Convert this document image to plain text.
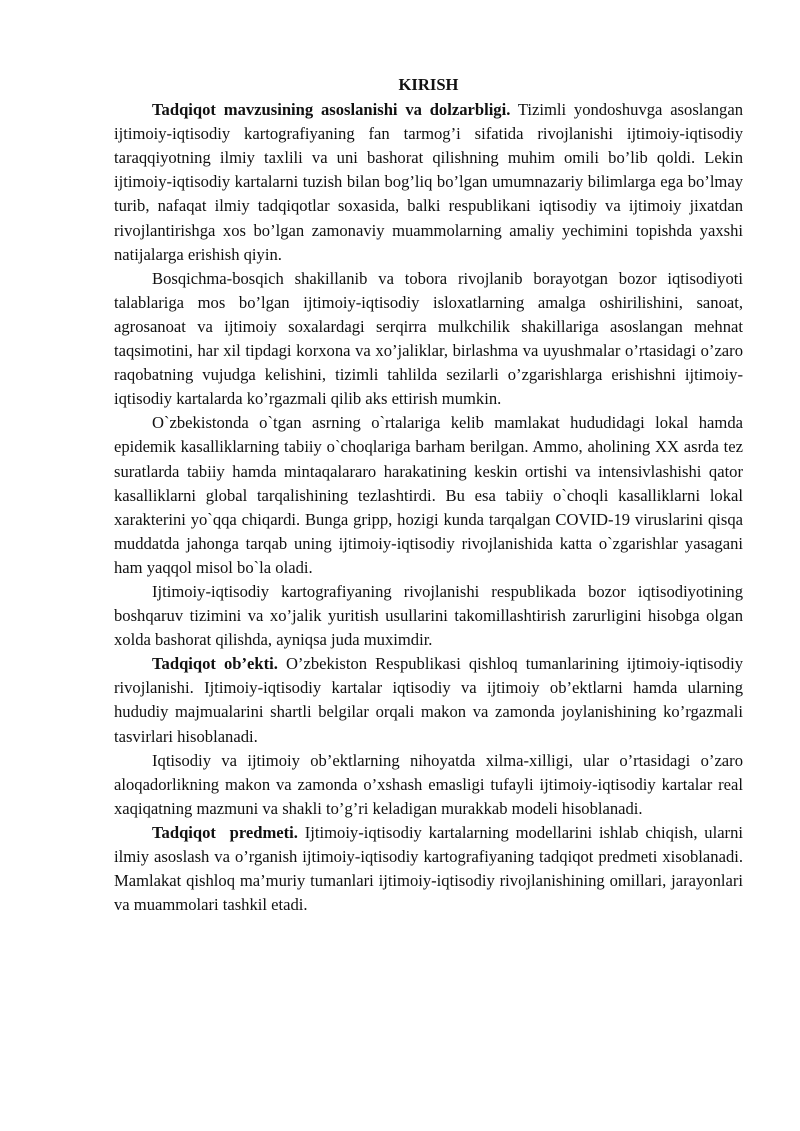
KIRISH

Tadqiqot mavzusining asoslanishi va dolzarbligi. Tizimli yondoshuvga asoslangan ijtimoiy-iqtisodiy kartografiyaning fan tarmog’i sifatida rivojlanishi ijtimoiy-iqtisodiy taraqqiyotning ilmiy taxlili va uni bashorat qilishning muhim omili bo’lib qoldi. Lekin ijtimoiy-iqtisodiy kartalarni tuzish bilan bog’liq bo’lgan umumnazariy bilimlarga ega bo’lmay turib, nafaqat ilmiy tadqiqotlar soxasida, balki respublikani iqtisodiy va ijtimoiy jixatdan rivojlantirishga xos bo’lgan zamonaviy muammolarning amaliy yechimini topishda yaxshi natijalarga erishish qiyin.

Bosqichma-bosqich shakillanib va tobora rivojlanib borayotgan bozor iqtisodiyoti talablariga mos bo’lgan ijtimoiy-iqtisodiy isloxatlarning amalga oshirilishini, sanoat, agrosanoat va ijtimoiy soxalardagi serqirra mulkchilik shakillariga asoslangan mehnat taqsimotini, har xil tipdagi korxona va xo’jaliklar, birlashma va uyushmalar o’rtasidagi o’zaro raqobatning vujudga kelishini, tizimli tahlilda sezilarli o’zgarishlarga erishishni ijtimoiy-iqtisodiy kartalarda ko’rgazmali qilib aks ettirish mumkin.

O`zbekistonda o`tgan asrning o`rtalariga kelib mamlakat hududidagi lokal hamda epidemik kasalliklarning tabiiy o`choqlariga barham berilgan. Ammo, aholining XX asrda tez suratlarda tabiiy hamda mintaqalararo harakatining keskin ortishi va intensivlashishi qator kasalliklarni global tarqalishining tezlashtirdi. Bu esa tabiiy o`choqli kasalliklarni lokal xarakterini yo`qqa chiqardi. Bunga gripp, hozigi kunda tarqalgan COVID-19 viruslarini qisqa muddatda jahonga tarqab uning ijtimoiy-iqtisodiy rivojlanishida katta o`zgarishlar yasagani ham yaqqol misol bo`la oladi.

Ijtimoiy-iqtisodiy kartografiyaning rivojlanishi respublikada bozor iqtisodiyotining boshqaruv tizimini va xo’jalik yuritish usullarini takomillashtirish zarurligini hisobga olgan xolda bashorat qilishda, ayniqsa juda muximdir.

Tadqiqot ob’ekti. O’zbekiston Respublikasi qishloq tumanlarining ijtimoiy-iqtisodiy rivojlanishi. Ijtimoiy-iqtisodiy kartalar iqtisodiy va ijtimoiy ob’ektlarni hamda ularning hududiy majmualarini shartli belgilar orqali makon va zamonda joylanishining ko’rgazmali tasvirlari hisoblanadi.

Iqtisodiy va ijtimoiy ob’ektlarning nihoyatda xilma-xilligi, ular o’rtasidagi o’zaro aloqadorlikning makon va zamonda o’xshash emasligi tufayli ijtimoiy-iqtisodiy kartalar real xaqiqatning mazmuni va shakli to’g’ri keladigan murakkab modeli hisoblanadi.

Tadqiqot  predmeti. Ijtimoiy-iqtisodiy kartalarning modellarini ishlab chiqish, ularni ilmiy asoslash va o’rganish ijtimoiy-iqtisodiy kartografiyaning tadqiqot predmeti xisoblanadi. Mamlakat qishloq ma’muriy tumanlari ijtimoiy-iqtisodiy rivojlanishining omillari, jarayonlari va muammolari tashkil etadi.
